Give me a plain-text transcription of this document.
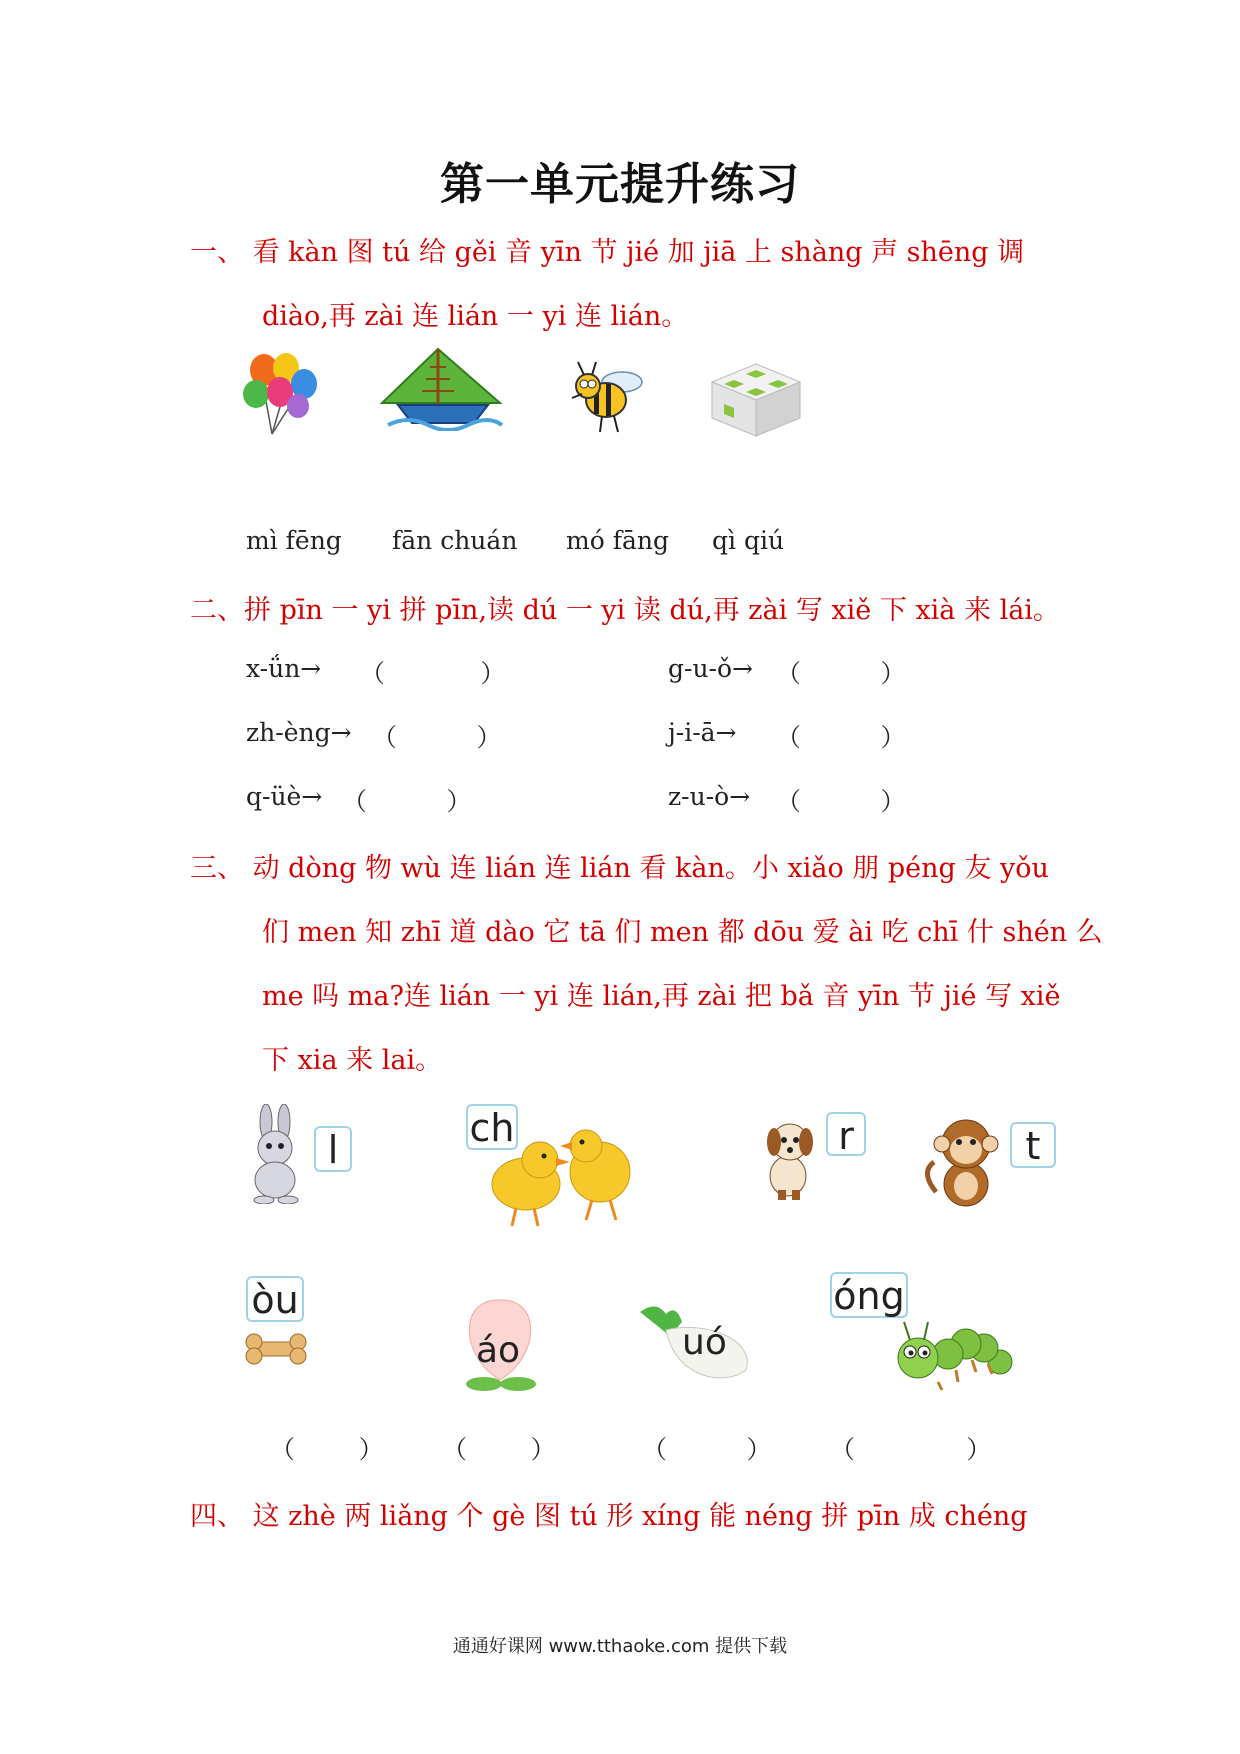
第一单元提升练习
一、 看 kàn 图 tú 给 gěi 音 yīn 节 jié 加 jiā 上 shàng 声 shēng 调
diào,再 zài 连 lián 一 yi 连 lián。
mì fēng fān chuán mó fāng qì qiú
二、拼 pīn 一 yi 拼 pīn,读 dú 一 yi 读 dú,再 zài 写 xiě 下 xià 来 lái。
x-ǘn→ （      ）	g-u-ǒ→ （     ）
zh-èng→ （     ）	j-i-ā→ （     ）
q-üè→ （     ）	z-u-ò→ （     ）
三、 动 dòng 物 wù 连 lián 连 lián 看 kàn。小 xiǎo 朋 péng 友 yǒu
们 men 知 zhī 道 dào 它 tā 们 men 都 dōu 爱 ài 吃 chī 什 shén 么
me 吗 ma?连 lián 一 yi 连 lián,再 zài 把 bǎ 音 yīn 节 jié 写 xiě
下 xia 来 lai。
l	ch	r	t
òu
áo	uó
óng
（    ） （    ）	（     ） （       ）
四、 这 zhè 两 liǎng 个 gè 图 tú 形 xíng 能 néng 拼 pīn 成 chéng
通通好课网 www.tthaoke.com 提供下载
